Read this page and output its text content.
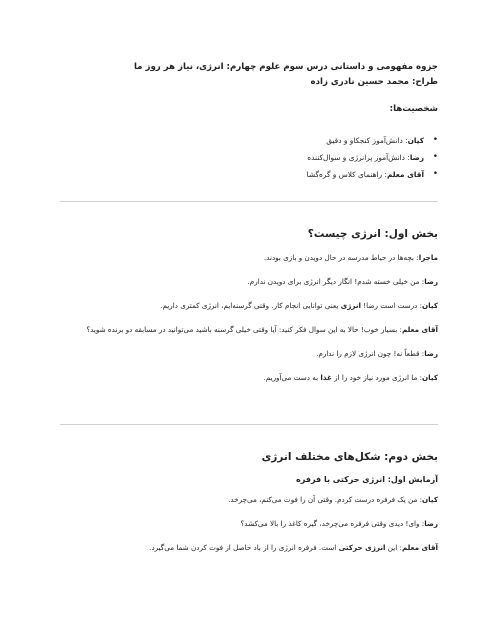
جزوه مفهومی و داستانی درس سوم علوم چهارم: انرژی، نیاز هر روز ما
طراح: محمد حسین نادری زاده
شخصیت‌ها:
• کیان: دانش‌آموز کنجکاو و دقیق
• رضا: دانش‌آموز پرانرژی و سوال‌کننده
• آقای معلم: راهنمای کلاس و گره‌گشا
بخش اول: انرژی چیست؟
ماجرا: بچه‌ها در حیاط مدرسه در حال دویدن و بازی بودند.
رضا: من خیلی خسته شدم! انگار دیگر انرژی برای دویدن ندارم.
کیان: درست است رضا! انرژی یعنی توانایی انجام کار. وقتی گرسنه‌ایم، انرژی کمتری داریم.
آقای معلم: بسیار خوب! حالا به این سوال فکر کنید: آیا وقتی خیلی گرسنه باشید می‌توانید در مسابقه دو برنده شوید؟
رضا: قطعاً نه! چون انرژی لازم را ندارم.
کیان: ما انرژی مورد نیاز خود را از غذا به دست می‌آوریم.
بخش دوم: شکل‌های مختلف انرژی
آزمایش اول: انرژی حرکتی با فرفره
کیان: من یک فرفره درست کردم. وقتی آن را فوت می‌کنم، می‌چرخد.
رضا: وای! دیدی وقتی فرفره می‌چرخد، گیره کاغذ را بالا می‌کشد؟
آقای معلم: این انرژی حرکتی است. فرفره انرژی را از باد حاصل از فوت کردن شما می‌گیرد.
